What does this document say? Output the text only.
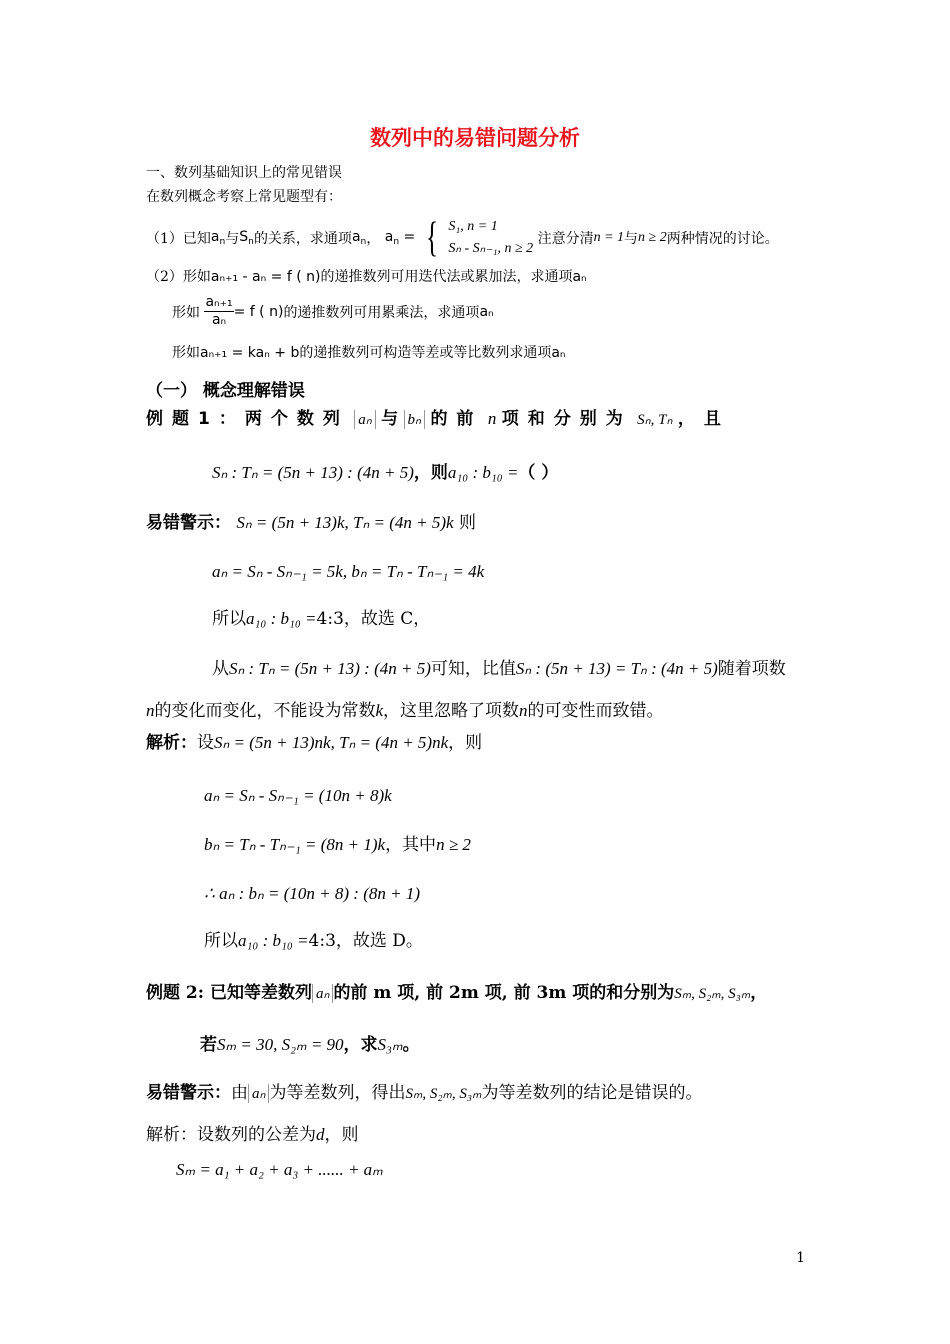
数列中的易错问题分析
一、数列基础知识上的常见错误
在数列概念考察上常见题型有：
（1）已知$a_n$与$S_n$的关系，求通项$a_n$， $a_n$ = { S₁, n = 1
Sₙ - Sₙ₋₁, n ≥ 2
注意分清n = 1与n ≥ 2两种情况的讨论。
（2）形如aₙ₊₁ - aₙ = f ( n)的递推数列可用迭代法或累加法，求通项aₙ
形如 $\frac{\text{aₙ₊₁}}{\text{aₙ}} = f$ ( n)的递推数列可用累乘法，求通项aₙ
形如aₙ₊₁ = kaₙ + b的递推数列可构造等差或等比数列求通项aₙ
（一） 概念理解错误
例题1：两个数列 aₙ 与 bₙ 的前 n 项和分别为 Sₙ, Tₙ ，且
Sₙ : Tₙ = (5n + 13) : (4n + 5)，则a₁₀ : b₁₀ =（ ）
易错警示： Sₙ = (5n + 13)k, Tₙ = (4n + 5)k 则
aₙ = Sₙ - Sₙ₋₁ = 5k, bₙ = Tₙ - Tₙ₋₁ = 4k
所以a₁₀ : b₁₀ =4:3，故选 C，
从Sₙ : Tₙ = (5n + 13) : (4n + 5)可知，比值Sₙ : (5n + 13) = Tₙ : (4n + 5)随着项数
n的变化而变化，不能设为常数k，这里忽略了项数n的可变性而致错。
解析：设Sₙ = (5n + 13)nk, Tₙ = (4n + 5)nk，则
aₙ = Sₙ - Sₙ₋₁ = (10n + 8)k
bₙ = Tₙ - Tₙ₋₁ = (8n + 1)k，其中n ≥ 2
∴ aₙ : bₙ = (10n + 8) : (8n + 1)
所以a₁₀ : b₁₀ =4:3，故选 D。
例题 2: 已知等差数列 aₙ 的前 m 项, 前 2m 项, 前 3m 项的和分别为Sₘ, S₂ₘ, S₃ₘ，
若Sₘ = 30, S₂ₘ = 90，求S₃ₘ。
易错警示：由 aₙ 为等差数列，得出Sₘ, S₂ₘ, S₃ₘ为等差数列的结论是错误的。
解析：设数列的公差为d，则
Sₘ = a₁ + a₂ + a₃ + ...... + aₘ
1
